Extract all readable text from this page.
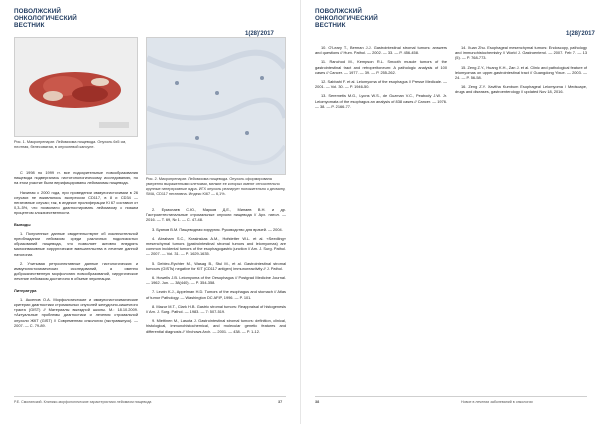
ПОВОЛЖСКИЙ
ОНКОЛОГИЧЕСКИЙ
ВЕСТНИК
1(28)'2017
Рис. 1. Макропрепарат. Лейомиома пищевода. Опухоль 6х5 см, плотная, белесоватая, в опухолевой капсуле.
Рис. 2. Микропрепарат. Лейомиома пищевода. Опухоль сформирована умеренно выраженными клетками, мелкие ее которых имеют относительно крупные гиперхромные ядра. ИГХ опухоль реагирует положительно к десмину, SMA, CD117 негативна. Индекс Ki67 — 6,1%.

С 1998 по 1999 гг. все подозрительные новообразования пищевода подвергались гистотопологическому исследованию, но на этом участке были верифицированы лейомиомы пищевода.

Начиная с 2000 года, при проведении иммуногистохимии в 26 случаях не выявлялось экспрессии CD117, в 8 и CD34 — негативные случаи; так, в индексе пролиферации Ki 67 составил от 0,3–5%, что позволило диагностировать лейомиому с низким процентом злокачественности.

Выводы

1. Полученные данные свидетельствуют об исключительной преобладании лейомиом среди различных подслизистых образований пищевода, что позволяет активно внедрять малоинвазивные хирургические вмешательства в лечение данной патологии.

2. Учитывая ретроспективные данные гистологических и иммуногистохимических исследований, а именно доброкачественную морфологию новообразований, хирургическое лечение лейомиом достаточно в объеме энуклеации.

Литература

1. Аксенов О.А. Морфологические и иммуногистохимические критерии диагностики стромальных опухолей желудочно-кишечного тракта (GIST) // Материалы выездной школы. М.: 18.10.2009. «Актуальные проблемы диагностики и лечения стромальной опухоли ЖКТ (GIST) // Современная онкология (экстравыпуск). — 2007. — С. 79-89.

2. Ермолаев С.Ю., Марков Д.Е., Минаев В.Н. и др. Гастроинтестинальные стромальные опухоли пищевода // Арх. патол. — 2016. — Т. 69, № 1. — С. 47-48.

3. Буянов В.М. Пищеводная хирургия. Руководство для врачей. — 2004.

4. Abraham S.C., Krasinskas A.M., Hofstetter W.L. et al. «Seedling» mesenchymal tumors (gastrointestinal stromal tumors and leiomyomas) are common incidental tumors of the esophagogastric junction // Am. J. Surg. Pathol. — 2007. — Vol. 31. — P. 1629-1635.

5. Debiec-Rychter M., Wasag B., Stul M., et al. Gastrointestinal stromal tumours (GISTs) negative for KIT (CD117 antigen) immunoreactivity // J. Pathol.

6. Howells J.B. Leiomyoma of the Oesophagus // Postgrad Medicine Journal. — 1962. Jun. — 38(440). — P. 354-358.

7. Lewin K.J., Appelman H.D. Tumors of the esophagus and stomach // Atlas of tumor Pathology. — Washington DC AFIP, 1996. — P. 101.

8. Mazur M.T., Clark H.B. Gastric stromal tumors: Reappraisal of histogenesis // Am. J. Surg. Pathol. — 1983. — 7: 507-519.

9. Miettinen M., Lasota J. Gastrointestinal stromal tumors: definition, clinical, histological, immunohistochemical, and molecular genetic features and differential diagnosis // Virchows Arch. — 2001. — 438. — P. 1-12.

Р.Е. Смолинский. Клинико-морфологические характеристики лейомиом пищевода	37
ПОВОЛЖСКИЙ
ОНКОЛОГИЧЕСКИЙ
ВЕСТНИК
1(28)'2017

10. O'Leary T., Berman J.J. Gastrointestinal stromal tumors: answers and questions // Hum. Pathol. — 2002. — 33. — P. 456-458.

11. Ranchod M., Kempson R.L. Smooth muscle tumors of the gastrointestinal tract and retroperitoneum: A pathologic analysis of 100 cases // Cancer. — 1977. — 39. — P. 255-262.

12. Sabbahi F. et al. Leiomyoma of the esophagus // Presse Medicale. — 2001. — Vol. 30. — P. 1946-50.

13. Seremetis M.G., Lyons W.S., de Guzman V.C., Peabody J.W. Jr. Leiomyomata of the esophagus an analysis of 838 cases // Cancer. — 1976. — 38. — P. 2166-77.

14. Xuan Zhu. Esophageal mesenchymal tumors: Endoscopy, pathology and immunohistochemistry // World J. Gastroenterol. — 2007. Feb 7. — 13 (5). — P. 768-773.

15. Zeng Z.Y., Huang K.H., Zan J. et al. Clinic and pathological feature of leiomyomas on upper-gastrointestinal tract // Guangdong Yixue. — 2003. — 24. — P. 56-58.

16. Zeng Z.Y. Xavitha Kumbum Esophageal Leiomyoma / Medscape, drugs and diseases, gastroenterology // updated Nov 18, 2016.

38	Новое в лечении заболеваний в онкологии
